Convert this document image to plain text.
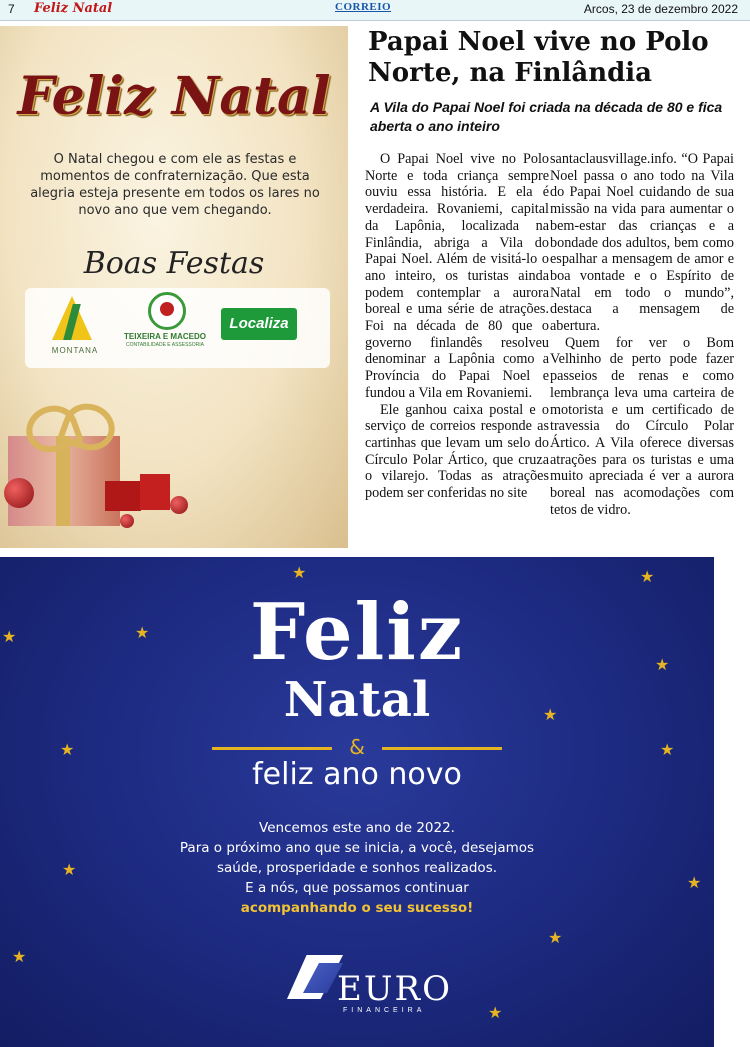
7 Feliz Natal	CORREIO	Arcos, 23 de dezembro 2022
Feliz Natal
O Natal chegou e com ele as festas e momentos de confraternização. Que esta alegria esteja presente em todos os lares no novo ano que vem chegando.
Boas Festas
MONTANA
TEIXEIRA E MACEDO
CONTABILIDADE E ASSESSORIA
Localiza
Papai Noel vive no Polo Norte, na Finlândia
A Vila do Papai Noel foi criada na década de 80 e fica aberta o ano inteiro

O Papai Noel vive no Polo Norte e toda criança sempre ouviu essa história. E ela é verdadeira. Rovaniemi, capital da Lapônia, localizada na Finlândia, abriga a Vila do Papai Noel. Além de visitá-lo o ano inteiro, os turistas ainda podem contemplar a aurora boreal e uma série de atrações. Foi na década de 80 que o governo finlandês resolveu denominar a Lapônia como a Província do Papai Noel e fundou a Vila em Rovaniemi.

Ele ganhou caixa postal e o serviço de correios responde as cartinhas que levam um selo do Círculo Polar Ártico, que cruza o vilarejo. Todas as atrações podem ser conferidas no site

santaclausvillage.info. “O Papai Noel passa o ano todo na Vila do Papai Noel cuidando de sua missão na vida para aumentar o bem-estar das crianças e a bondade dos adultos, bem como espalhar a mensagem de amor e boa vontade e o Espírito de Natal em todo o mundo”, destaca a mensagem de abertura.

Quem for ver o Bom Velhinho de perto pode fazer passeios de renas e como lembrança leva uma carteira de motorista e um certificado de travessia do Círculo Polar Ártico. A Vila oferece diversas atrações para os turistas e uma muito apreciada é ver a aurora boreal nas acomodações com tetos de vidro.

★	★
★
★
★
★
★	★
★
★
★
★
★
Feliz
Natal
&
feliz ano novo
Vencemos este ano de 2022.
Para o próximo ano que se inicia, a você, desejamos
saúde, prosperidade e sonhos realizados.
E a nós, que possamos continuar
acompanhando o seu sucesso!
EURO
FINANCEIRA
